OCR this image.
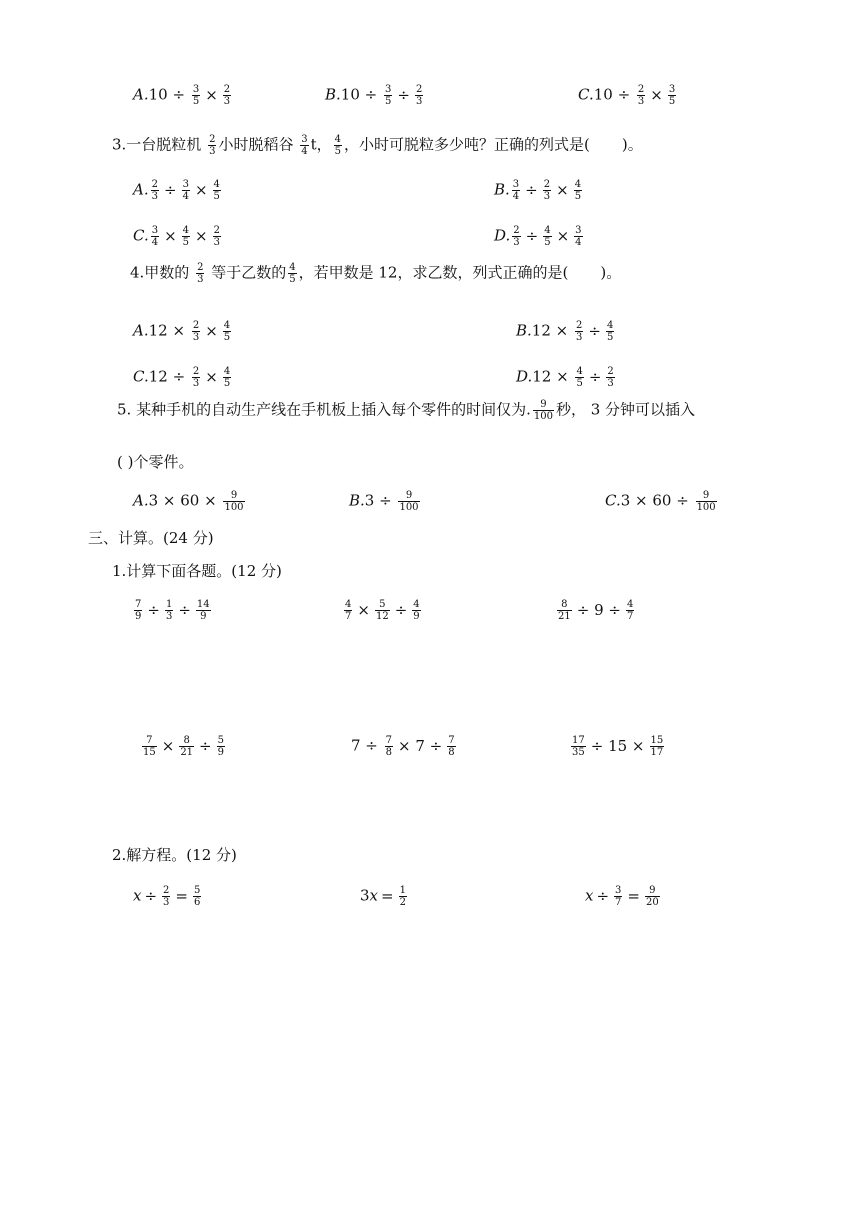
$A.10 \div \frac{3}{5} \times \frac{2}{3}$	$B.10 \div \frac{3}{5} \div \frac{2}{3}$	$C.10 \div \frac{2}{3} \times \frac{3}{5}$
3.一台脱粒机 $\frac{2}{3}$ 小时脱稻谷 $\frac{3}{4}$ t， $\frac{4}{5}$ ，小时可脱粒多少吨？正确的列式是( )。
A. $\frac{2}{3} \div \frac{3}{4} \times \frac{4}{5}$	B. $\frac{3}{4} \div \frac{2}{3} \times \frac{4}{5}$
C. $\frac{3}{4} \times \frac{4}{5} \times \frac{2}{3}$	D. $\frac{2}{3} \div \frac{4}{5} \times \frac{3}{4}$
4.甲数的 $\frac{2}{3}$ 等于乙数的 $\frac{4}{5}$ ，若甲数是 12，求乙数，列式正确的是( )。
$A.12 \times \frac{2}{3} \times \frac{4}{5}$	$B.12 \times \frac{2}{3} \div \frac{4}{5}$
$C.12 \div \frac{2}{3} \times \frac{4}{5}$	$D.12 \times \frac{4}{5} \div \frac{2}{3}$
5. 某种手机的自动生产线在手机板上插入每个零件的时间仅为. $\frac{9}{100}$ 秒， 3 分钟可以插入
( )个零件。
$A.3 \times 60 \times \frac{9}{100}$	$B.3 \div \frac{9}{100}$	$C.3 \times 60 \div \frac{9}{100}$
三、计算。(24 分)
1.计算下面各题。(12 分)
$\frac{7}{9} \div \frac{1}{3} \div \frac{14}{9}$	$\frac{4}{7} \times \frac{5}{12} \div \frac{4}{9}$	$\frac{8}{21} \div 9 \div \frac{4}{7}$
$\frac{7}{15} \times \frac{8}{21} \div \frac{5}{9}$	$7 \div \frac{7}{8} \times 7 \div \frac{7}{8}$	$\frac{17}{35} \div 15 \times \frac{15}{17}$
2.解方程。(12 分)
$x \div \frac{2}{3} = \frac{5}{6}$	$3x = \frac{1}{2}$	$x \div \frac{3}{7} = \frac{9}{20}$
